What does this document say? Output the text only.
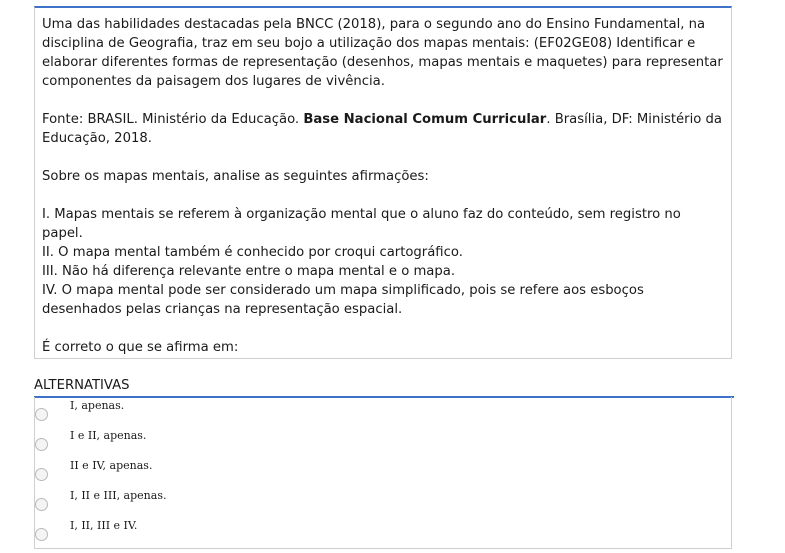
Uma das habilidades destacadas pela BNCC (2018), para o segundo ano do Ensino Fundamental, na disciplina de Geografia, traz em seu bojo a utilização dos mapas mentais: (EF02GE08) Identificar e elaborar diferentes formas de representação (desenhos, mapas mentais e maquetes) para representar componentes da paisagem dos lugares de vivência.

Fonte: BRASIL. Ministério da Educação. Base Nacional Comum Curricular. Brasília, DF: Ministério da Educação, 2018.

Sobre os mapas mentais, analise as seguintes afirmações:

I. Mapas mentais se referem à organização mental que o aluno faz do conteúdo, sem registro no papel.
II. O mapa mental também é conhecido por croqui cartográfico.
III. Não há diferença relevante entre o mapa mental e o mapa.
IV. O mapa mental pode ser considerado um mapa simplificado, pois se refere aos esboços desenhados pelas crianças na representação espacial.

É correto o que se afirma em:

ALTERNATIVAS
I, apenas.
I e II, apenas.
II e IV, apenas.
I, II e III, apenas.
I, II, III e IV.
